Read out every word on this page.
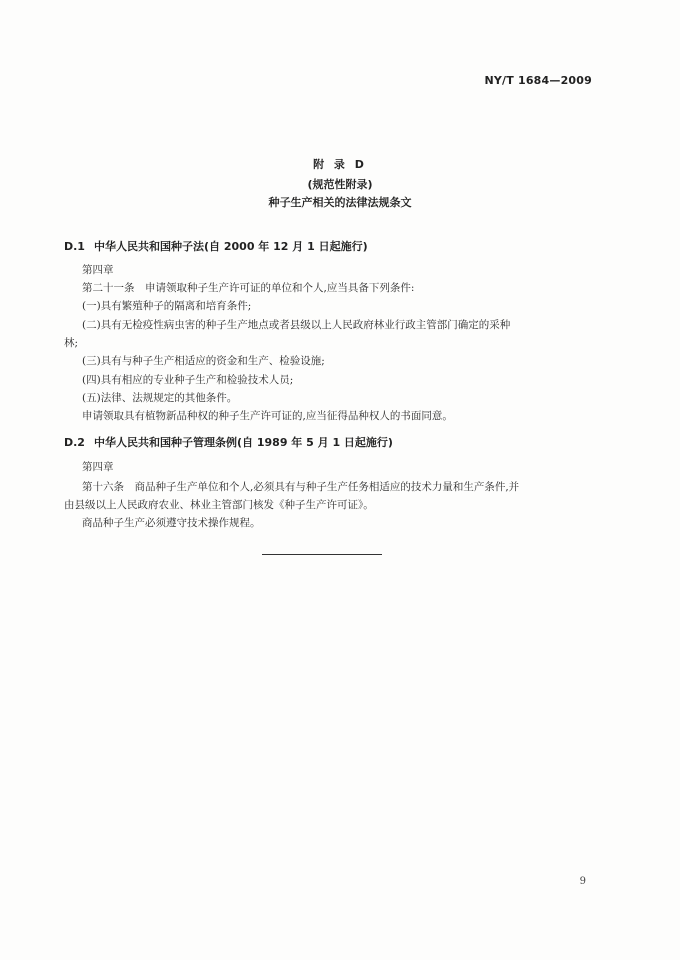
NY/T 1684—2009
附 录 D
(规范性附录)
种子生产相关的法律法规条文
D.1 中华人民共和国种子法(自 2000 年 12 月 1 日起施行)
第四章
第二十一条　申请领取种子生产许可证的单位和个人,应当具备下列条件:
(一)具有繁殖种子的隔离和培育条件;
(二)具有无检疫性病虫害的种子生产地点或者县级以上人民政府林业行政主管部门确定的采种
林;
(三)具有与种子生产相适应的资金和生产、检验设施;
(四)具有相应的专业种子生产和检验技术人员;
(五)法律、法规规定的其他条件。
申请领取具有植物新品种权的种子生产许可证的,应当征得品种权人的书面同意。
D.2 中华人民共和国种子管理条例(自 1989 年 5 月 1 日起施行)
第四章
第十六条　商品种子生产单位和个人,必须具有与种子生产任务相适应的技术力量和生产条件,并
由县级以上人民政府农业、林业主管部门核发《种子生产许可证》。
商品种子生产必须遵守技术操作规程。
9
